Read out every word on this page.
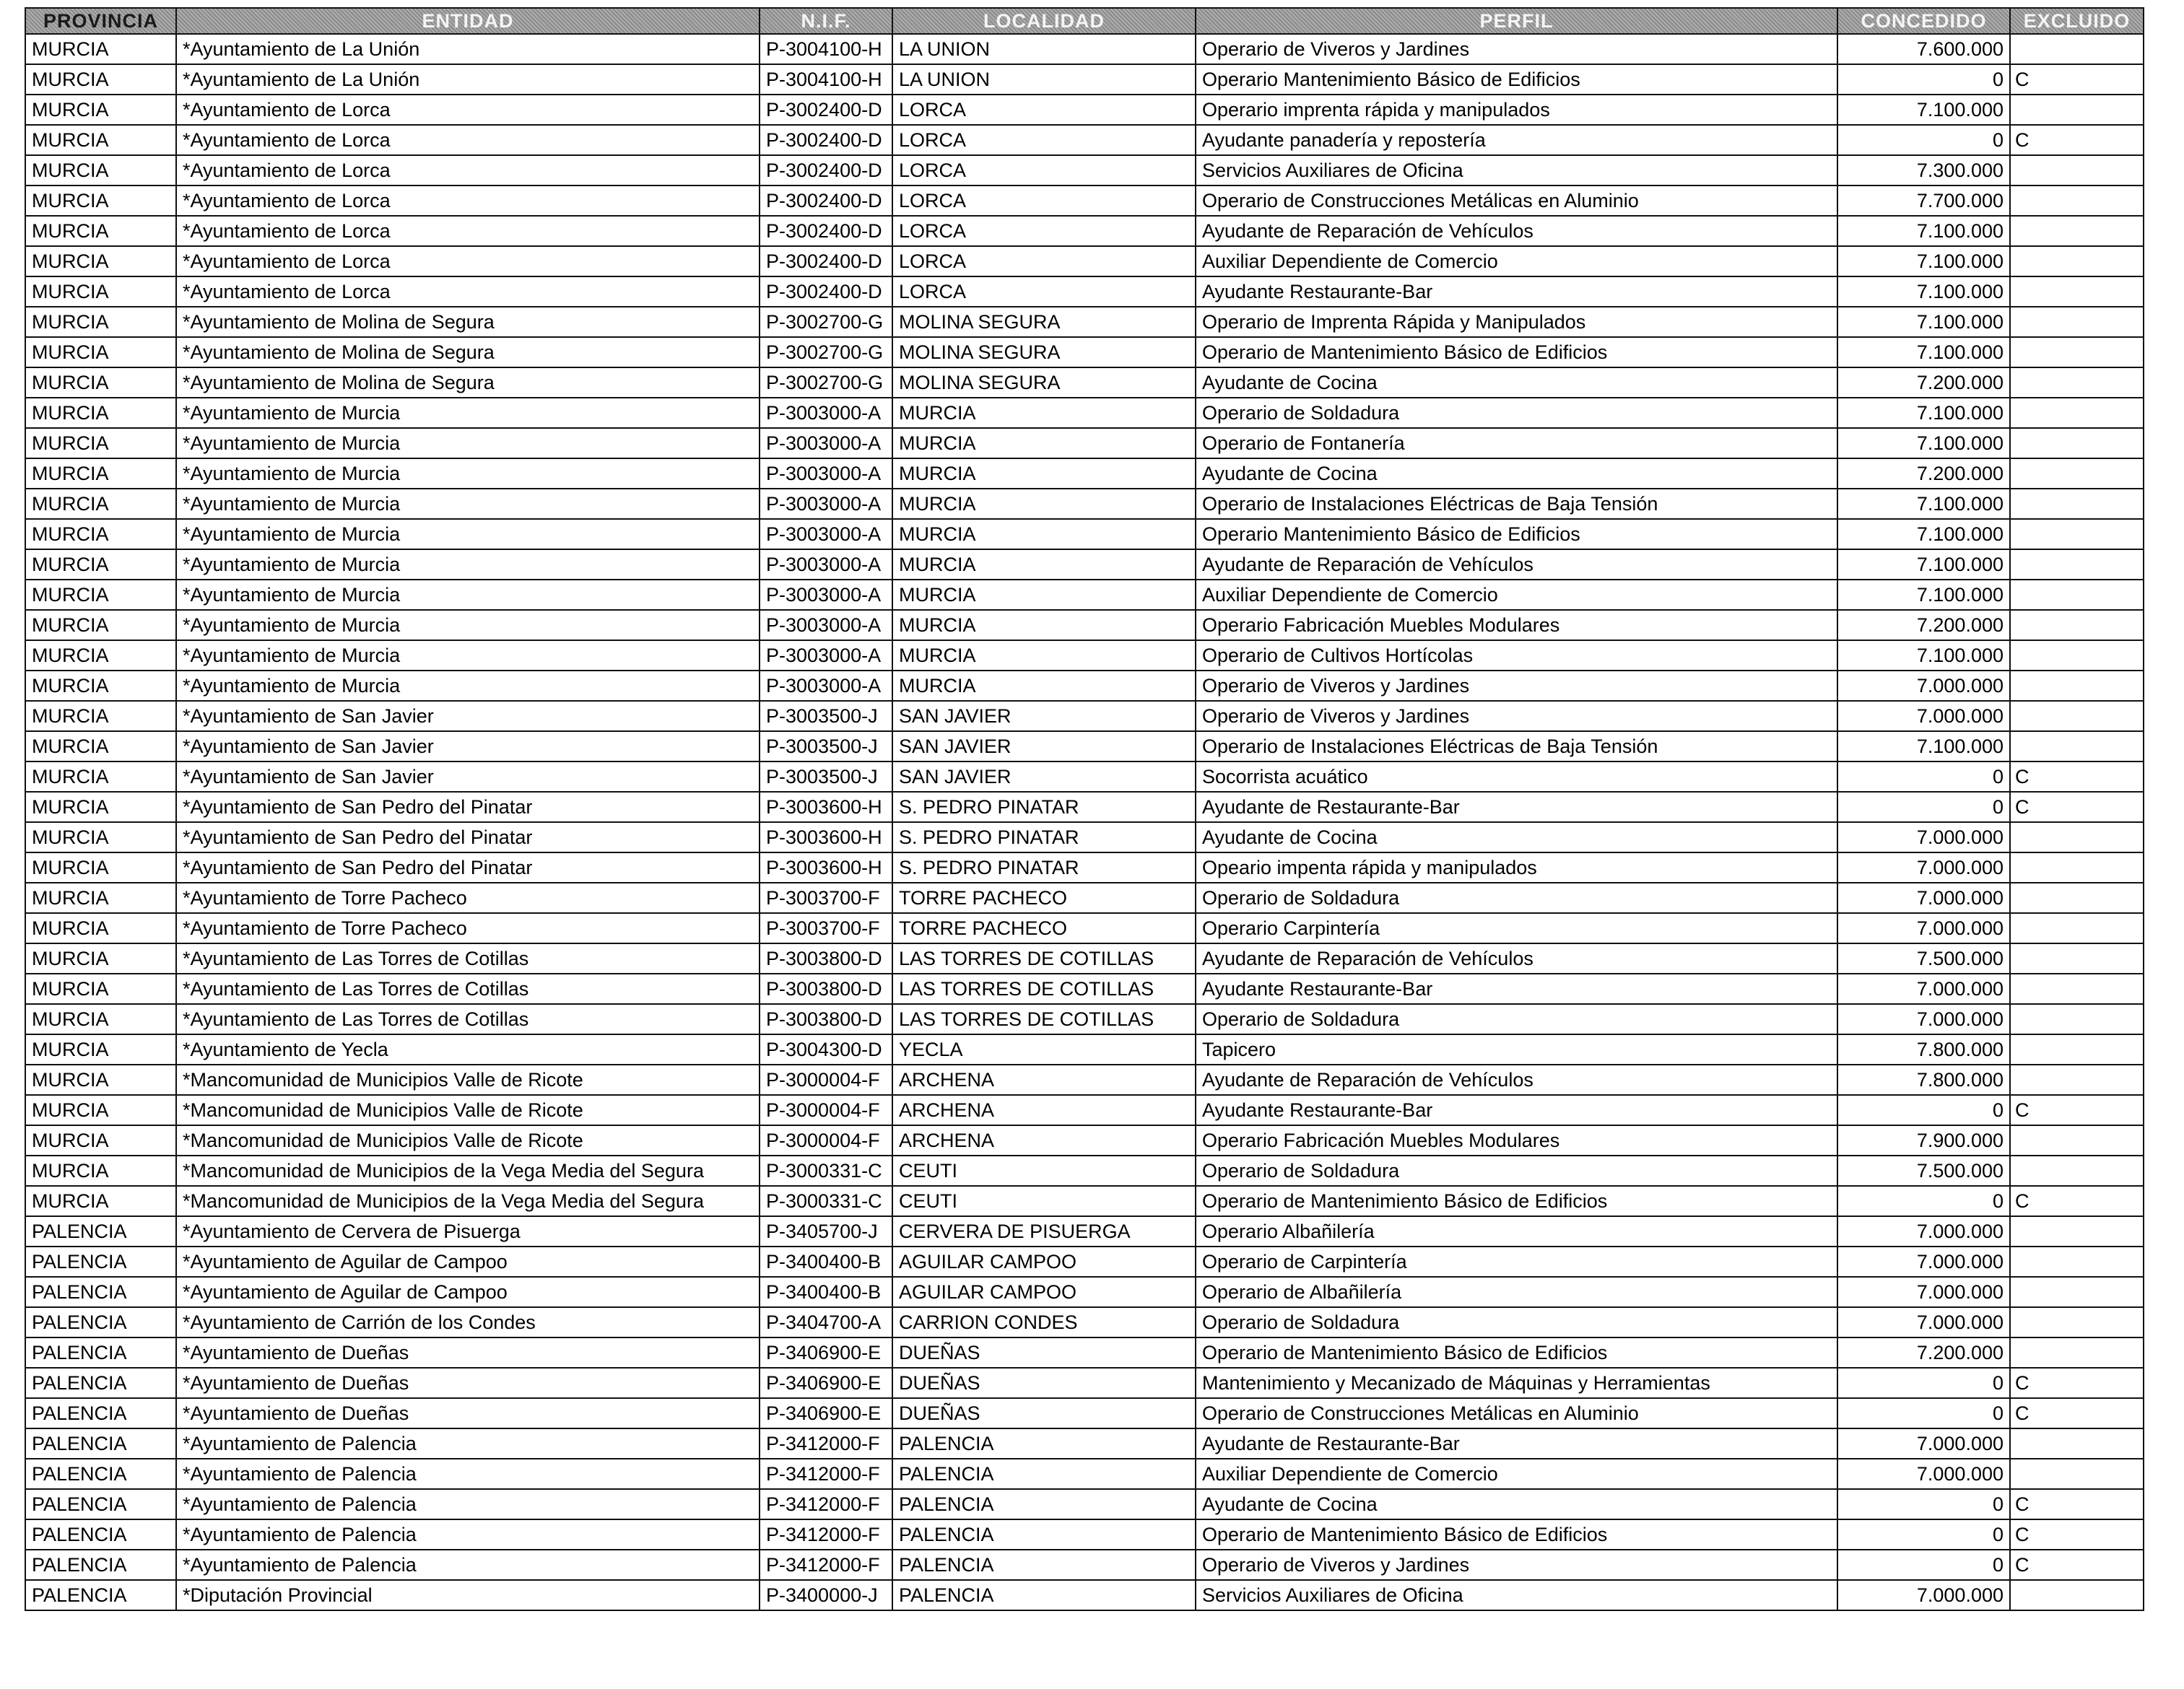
PROVINCIA	ENTIDAD	N.I.F.	LOCALIDAD	PERFIL	CONCEDIDO	EXCLUIDO
MURCIA	*Ayuntamiento de La Unión	P-3004100-H	LA UNION	Operario de Viveros y Jardines	7.600.000	
MURCIA	*Ayuntamiento de La Unión	P-3004100-H	LA UNION	Operario Mantenimiento Básico de Edificios	0	C
MURCIA	*Ayuntamiento de Lorca	P-3002400-D	LORCA	Operario imprenta rápida y manipulados	7.100.000	
MURCIA	*Ayuntamiento de Lorca	P-3002400-D	LORCA	Ayudante panadería y repostería	0	C
MURCIA	*Ayuntamiento de Lorca	P-3002400-D	LORCA	Servicios Auxiliares de Oficina	7.300.000	
MURCIA	*Ayuntamiento de Lorca	P-3002400-D	LORCA	Operario de Construcciones Metálicas en Aluminio	7.700.000	
MURCIA	*Ayuntamiento de Lorca	P-3002400-D	LORCA	Ayudante de Reparación de Vehículos	7.100.000	
MURCIA	*Ayuntamiento de Lorca	P-3002400-D	LORCA	Auxiliar Dependiente de Comercio	7.100.000	
MURCIA	*Ayuntamiento de Lorca	P-3002400-D	LORCA	Ayudante Restaurante-Bar	7.100.000	
MURCIA	*Ayuntamiento de Molina de Segura	P-3002700-G	MOLINA SEGURA	Operario de Imprenta Rápida y Manipulados	7.100.000	
MURCIA	*Ayuntamiento de Molina de Segura	P-3002700-G	MOLINA SEGURA	Operario de Mantenimiento Básico de Edificios	7.100.000	
MURCIA	*Ayuntamiento de Molina de Segura	P-3002700-G	MOLINA SEGURA	Ayudante de Cocina	7.200.000	
MURCIA	*Ayuntamiento de Murcia	P-3003000-A	MURCIA	Operario de Soldadura	7.100.000	
MURCIA	*Ayuntamiento de Murcia	P-3003000-A	MURCIA	Operario de Fontanería	7.100.000	
MURCIA	*Ayuntamiento de Murcia	P-3003000-A	MURCIA	Ayudante de Cocina	7.200.000	
MURCIA	*Ayuntamiento de Murcia	P-3003000-A	MURCIA	Operario de Instalaciones Eléctricas de Baja Tensión	7.100.000	
MURCIA	*Ayuntamiento de Murcia	P-3003000-A	MURCIA	Operario Mantenimiento Básico de Edificios	7.100.000	
MURCIA	*Ayuntamiento de Murcia	P-3003000-A	MURCIA	Ayudante de Reparación de Vehículos	7.100.000	
MURCIA	*Ayuntamiento de Murcia	P-3003000-A	MURCIA	Auxiliar Dependiente de Comercio	7.100.000	
MURCIA	*Ayuntamiento de Murcia	P-3003000-A	MURCIA	Operario Fabricación Muebles Modulares	7.200.000	
MURCIA	*Ayuntamiento de Murcia	P-3003000-A	MURCIA	Operario de Cultivos Hortícolas	7.100.000	
MURCIA	*Ayuntamiento de Murcia	P-3003000-A	MURCIA	Operario de Viveros y Jardines	7.000.000	
MURCIA	*Ayuntamiento de San Javier	P-3003500-J	SAN JAVIER	Operario de Viveros y Jardines	7.000.000	
MURCIA	*Ayuntamiento de San Javier	P-3003500-J	SAN JAVIER	Operario de Instalaciones Eléctricas de Baja Tensión	7.100.000	
MURCIA	*Ayuntamiento de San Javier	P-3003500-J	SAN JAVIER	Socorrista acuático	0	C
MURCIA	*Ayuntamiento de San Pedro del Pinatar	P-3003600-H	S. PEDRO PINATAR	Ayudante de Restaurante-Bar	0	C
MURCIA	*Ayuntamiento de San Pedro del Pinatar	P-3003600-H	S. PEDRO PINATAR	Ayudante de Cocina	7.000.000	
MURCIA	*Ayuntamiento de San Pedro del Pinatar	P-3003600-H	S. PEDRO PINATAR	Opeario impenta rápida y manipulados	7.000.000	
MURCIA	*Ayuntamiento de Torre Pacheco	P-3003700-F	TORRE PACHECO	Operario de Soldadura	7.000.000	
MURCIA	*Ayuntamiento de Torre Pacheco	P-3003700-F	TORRE PACHECO	Operario Carpintería	7.000.000	
MURCIA	*Ayuntamiento de Las Torres de Cotillas	P-3003800-D	LAS TORRES DE COTILLAS	Ayudante de Reparación de Vehículos	7.500.000	
MURCIA	*Ayuntamiento de Las Torres de Cotillas	P-3003800-D	LAS TORRES DE COTILLAS	Ayudante Restaurante-Bar	7.000.000	
MURCIA	*Ayuntamiento de Las Torres de Cotillas	P-3003800-D	LAS TORRES DE COTILLAS	Operario de Soldadura	7.000.000	
MURCIA	*Ayuntamiento de Yecla	P-3004300-D	YECLA	Tapicero	7.800.000	
MURCIA	*Mancomunidad de Municipios Valle de Ricote	P-3000004-F	ARCHENA	Ayudante de Reparación de Vehículos	7.800.000	
MURCIA	*Mancomunidad de Municipios Valle de Ricote	P-3000004-F	ARCHENA	Ayudante Restaurante-Bar	0	C
MURCIA	*Mancomunidad de Municipios Valle de Ricote	P-3000004-F	ARCHENA	Operario Fabricación Muebles Modulares	7.900.000	
MURCIA	*Mancomunidad de Municipios de la Vega Media del Segura	P-3000331-C	CEUTI	Operario de Soldadura	7.500.000	
MURCIA	*Mancomunidad de Municipios de la Vega Media del Segura	P-3000331-C	CEUTI	Operario de Mantenimiento Básico de Edificios	0	C
PALENCIA	*Ayuntamiento de Cervera de Pisuerga	P-3405700-J	CERVERA DE PISUERGA	Operario Albañilería	7.000.000	
PALENCIA	*Ayuntamiento de Aguilar de Campoo	P-3400400-B	AGUILAR CAMPOO	Operario de Carpintería	7.000.000	
PALENCIA	*Ayuntamiento de Aguilar de Campoo	P-3400400-B	AGUILAR CAMPOO	Operario de Albañilería	7.000.000	
PALENCIA	*Ayuntamiento de Carrión de los Condes	P-3404700-A	CARRION CONDES	Operario de Soldadura	7.000.000	
PALENCIA	*Ayuntamiento de Dueñas	P-3406900-E	DUEÑAS	Operario de Mantenimiento Básico de Edificios	7.200.000	
PALENCIA	*Ayuntamiento de Dueñas	P-3406900-E	DUEÑAS	Mantenimiento y Mecanizado de Máquinas y Herramientas	0	C
PALENCIA	*Ayuntamiento de Dueñas	P-3406900-E	DUEÑAS	Operario de Construcciones Metálicas en Aluminio	0	C
PALENCIA	*Ayuntamiento de Palencia	P-3412000-F	PALENCIA	Ayudante de Restaurante-Bar	7.000.000	
PALENCIA	*Ayuntamiento de Palencia	P-3412000-F	PALENCIA	Auxiliar Dependiente de Comercio	7.000.000	
PALENCIA	*Ayuntamiento de Palencia	P-3412000-F	PALENCIA	Ayudante de Cocina	0	C
PALENCIA	*Ayuntamiento de Palencia	P-3412000-F	PALENCIA	Operario de Mantenimiento Básico de Edificios	0	C
PALENCIA	*Ayuntamiento de Palencia	P-3412000-F	PALENCIA	Operario de Viveros y Jardines	0	C
PALENCIA	*Diputación Provincial	P-3400000-J	PALENCIA	Servicios Auxiliares de Oficina	7.000.000	
